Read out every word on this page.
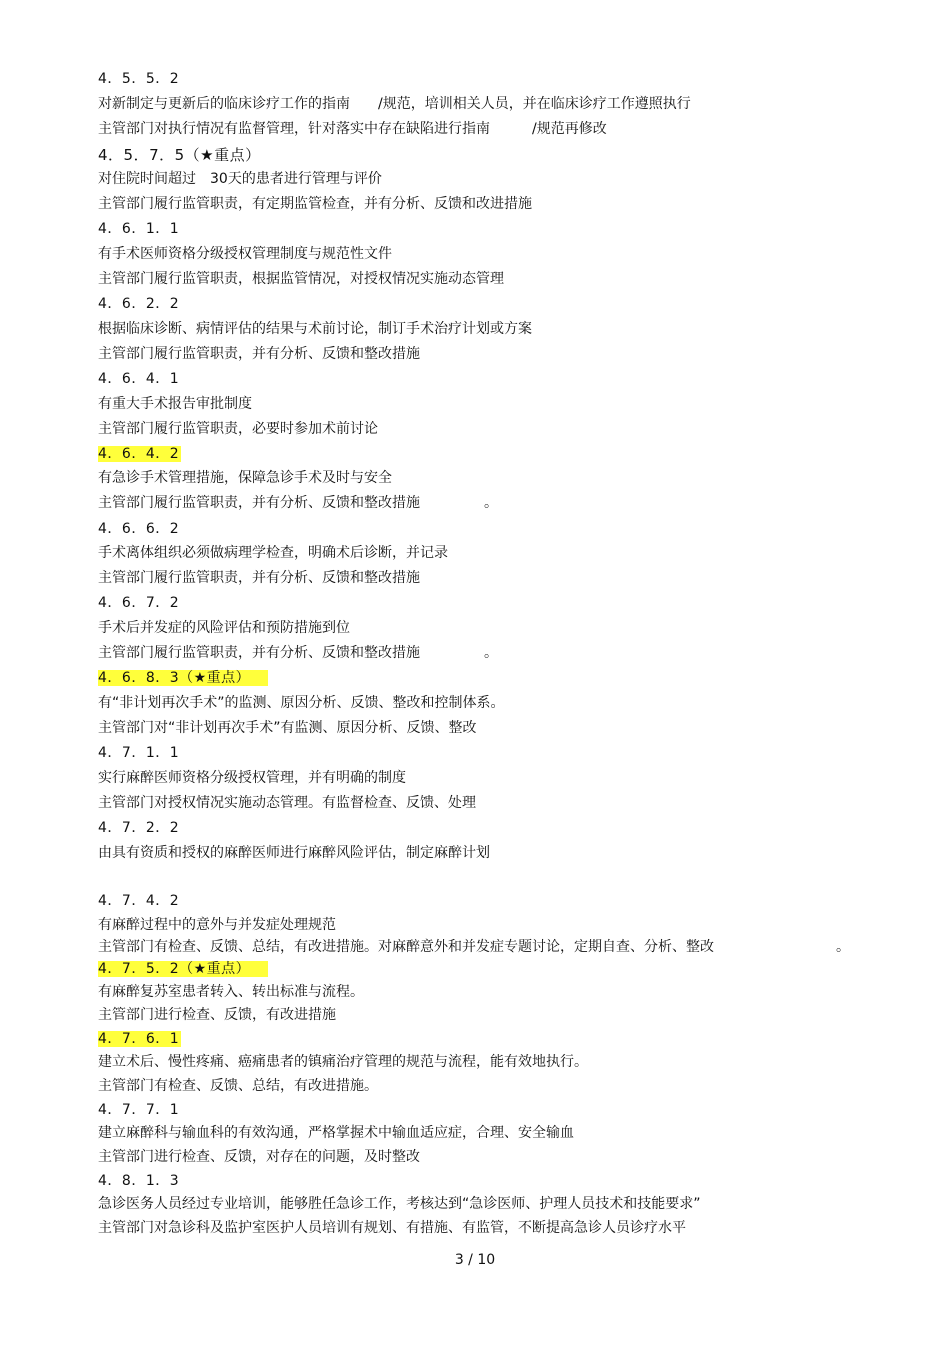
4．5．5．2
对新制定与更新后的临床诊疗工作的指南　　/规范，培训相关人员，并在临床诊疗工作遵照执行
主管部门对执行情况有监督管理，针对落实中存在缺陷进行指南　　　/规范再修改
4．5．7．5（★重点）
对住院时间超过　30天的患者进行管理与评价
主管部门履行监管职责，有定期监管检查，并有分析、反馈和改进措施
4．6．1．1
有手术医师资格分级授权管理制度与规范性文件
主管部门履行监管职责，根据监管情况，对授权情况实施动态管理
4．6．2．2
根据临床诊断、病情评估的结果与术前讨论，制订手术治疗计划或方案
主管部门履行监管职责，并有分析、反馈和整改措施
4．6．4．1
有重大手术报告审批制度
主管部门履行监管职责，必要时参加术前讨论
4．6．4．2
有急诊手术管理措施，保障急诊手术及时与安全
主管部门履行监管职责，并有分析、反馈和整改措施	。
4．6．6．2
手术离体组织必须做病理学检查，明确术后诊断，并记录
主管部门履行监管职责，并有分析、反馈和整改措施
4．6．7．2
手术后并发症的风险评估和预防措施到位
主管部门履行监管职责，并有分析、反馈和整改措施	。
4．6．8．3（★重点）
有“非计划再次手术”的监测、原因分析、反馈、整改和控制体系。
主管部门对“非计划再次手术”有监测、原因分析、反馈、整改
4．7．1．1
实行麻醉医师资格分级授权管理，并有明确的制度
主管部门对授权情况实施动态管理。有监督检查、反馈、处理
4．7．2．2
由具有资质和授权的麻醉医师进行麻醉风险评估，制定麻醉计划
4．7．4．2
有麻醉过程中的意外与并发症处理规范
主管部门有检查、反馈、总结，有改进措施。对麻醉意外和并发症专题讨论，定期自查、分析、整改	。
4．7．5．2（★重点）
有麻醉复苏室患者转入、转出标准与流程。
主管部门进行检查、反馈，有改进措施
4．7．6．1
建立术后、慢性疼痛、癌痛患者的镇痛治疗管理的规范与流程，能有效地执行。
主管部门有检查、反馈、总结，有改进措施。
4．7．7．1
建立麻醉科与输血科的有效沟通，严格掌握术中输血适应症，合理、安全输血
主管部门进行检查、反馈，对存在的问题，及时整改
4．8．1．3
急诊医务人员经过专业培训，能够胜任急诊工作，考核达到“急诊医师、护理人员技术和技能要求”
主管部门对急诊科及监护室医护人员培训有规划、有措施、有监管，不断提高急诊人员诊疗水平
3 / 10
